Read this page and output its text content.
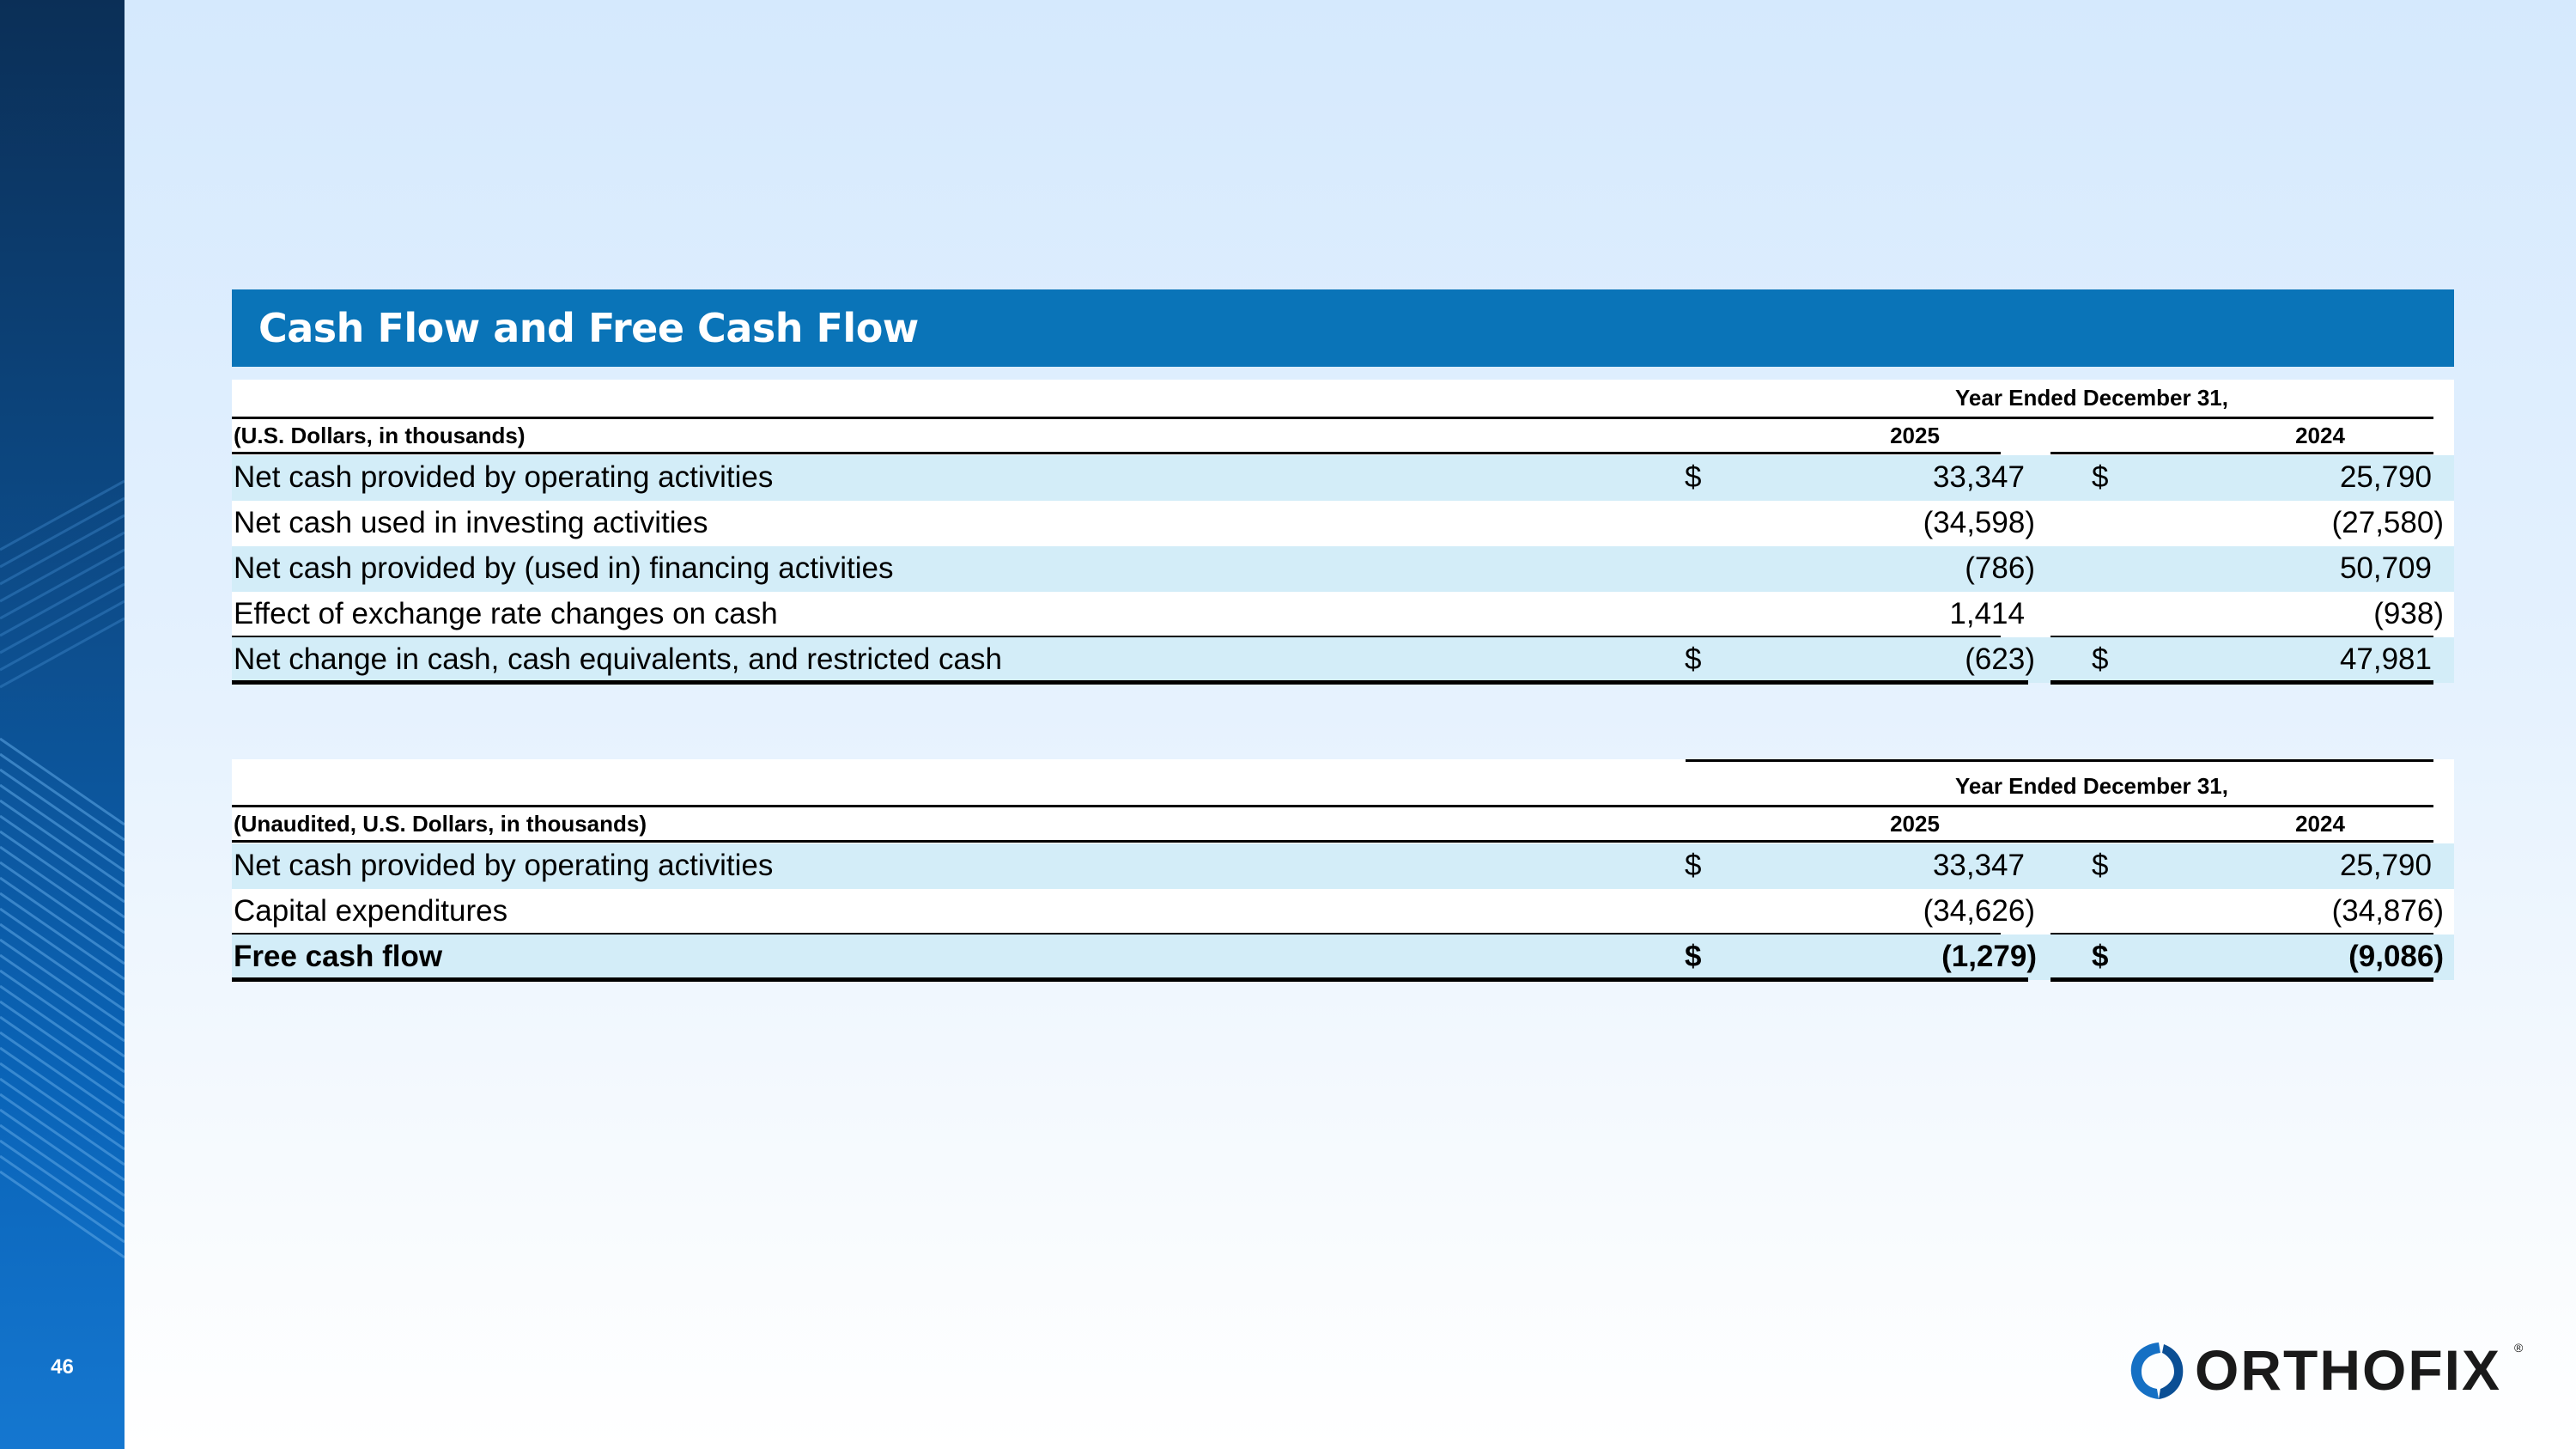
46
Cash Flow and Free Cash Flow
Year Ended December 31,
(U.S. Dollars, in thousands)	2025	2024
Net cash provided by operating activities	$	33,347 $	25,790
Net cash used in investing activities	(34,598)	(27,580)
Net cash provided by (used in) financing activities	(786)	50,709
Effect of exchange rate changes on cash	1,414	(938)
Net change in cash, cash equivalents, and restricted cash	$	(623) $	47,981
Year Ended December 31,
(Unaudited, U.S. Dollars, in thousands)	2025	2024
Net cash provided by operating activities	$	33,347 $	25,790
Capital expenditures	(34,626)	(34,876)
Free cash flow	$	(1,279) $	(9,086)
ORTHOFIX ®
